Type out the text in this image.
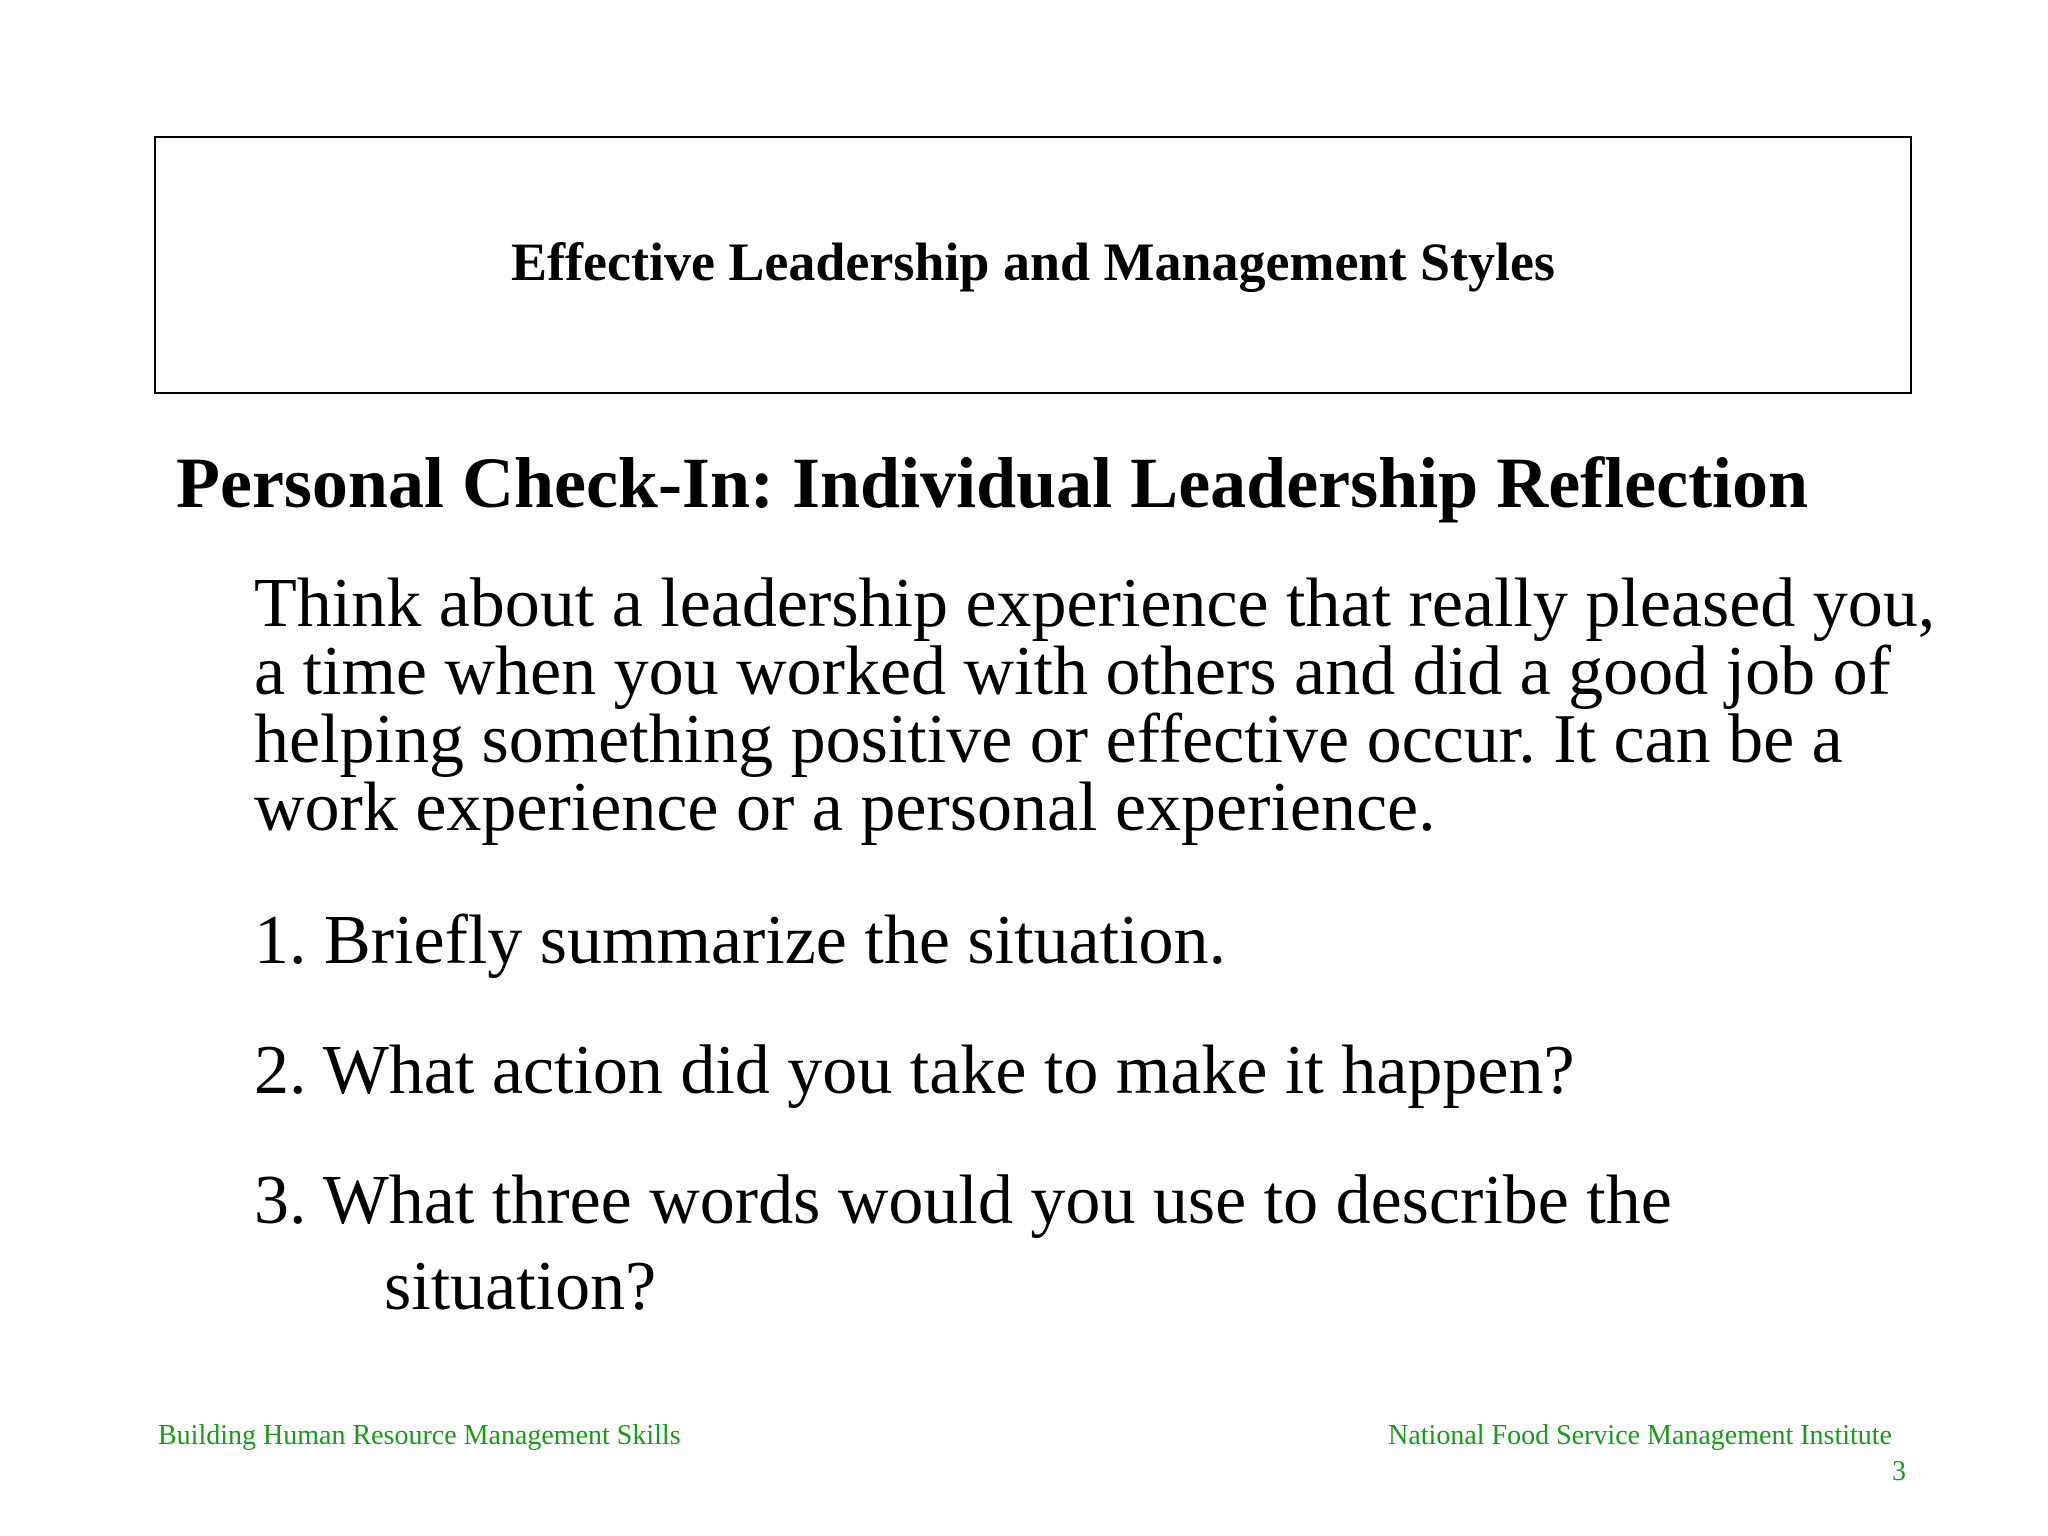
Effective Leadership and Management Styles
Personal Check-In: Individual Leadership Reflection

Think about a leadership experience that really pleased you,

a time when you worked with others and did a good job of

helping something positive or effective occur. It can be a

work experience or a personal experience.

1. Briefly summarize the situation.
2. What action did you take to make it happen?
3. What three words would you use to describe the
situation?
Building Human Resource Management Skills	National Food Service Management Institute
3
